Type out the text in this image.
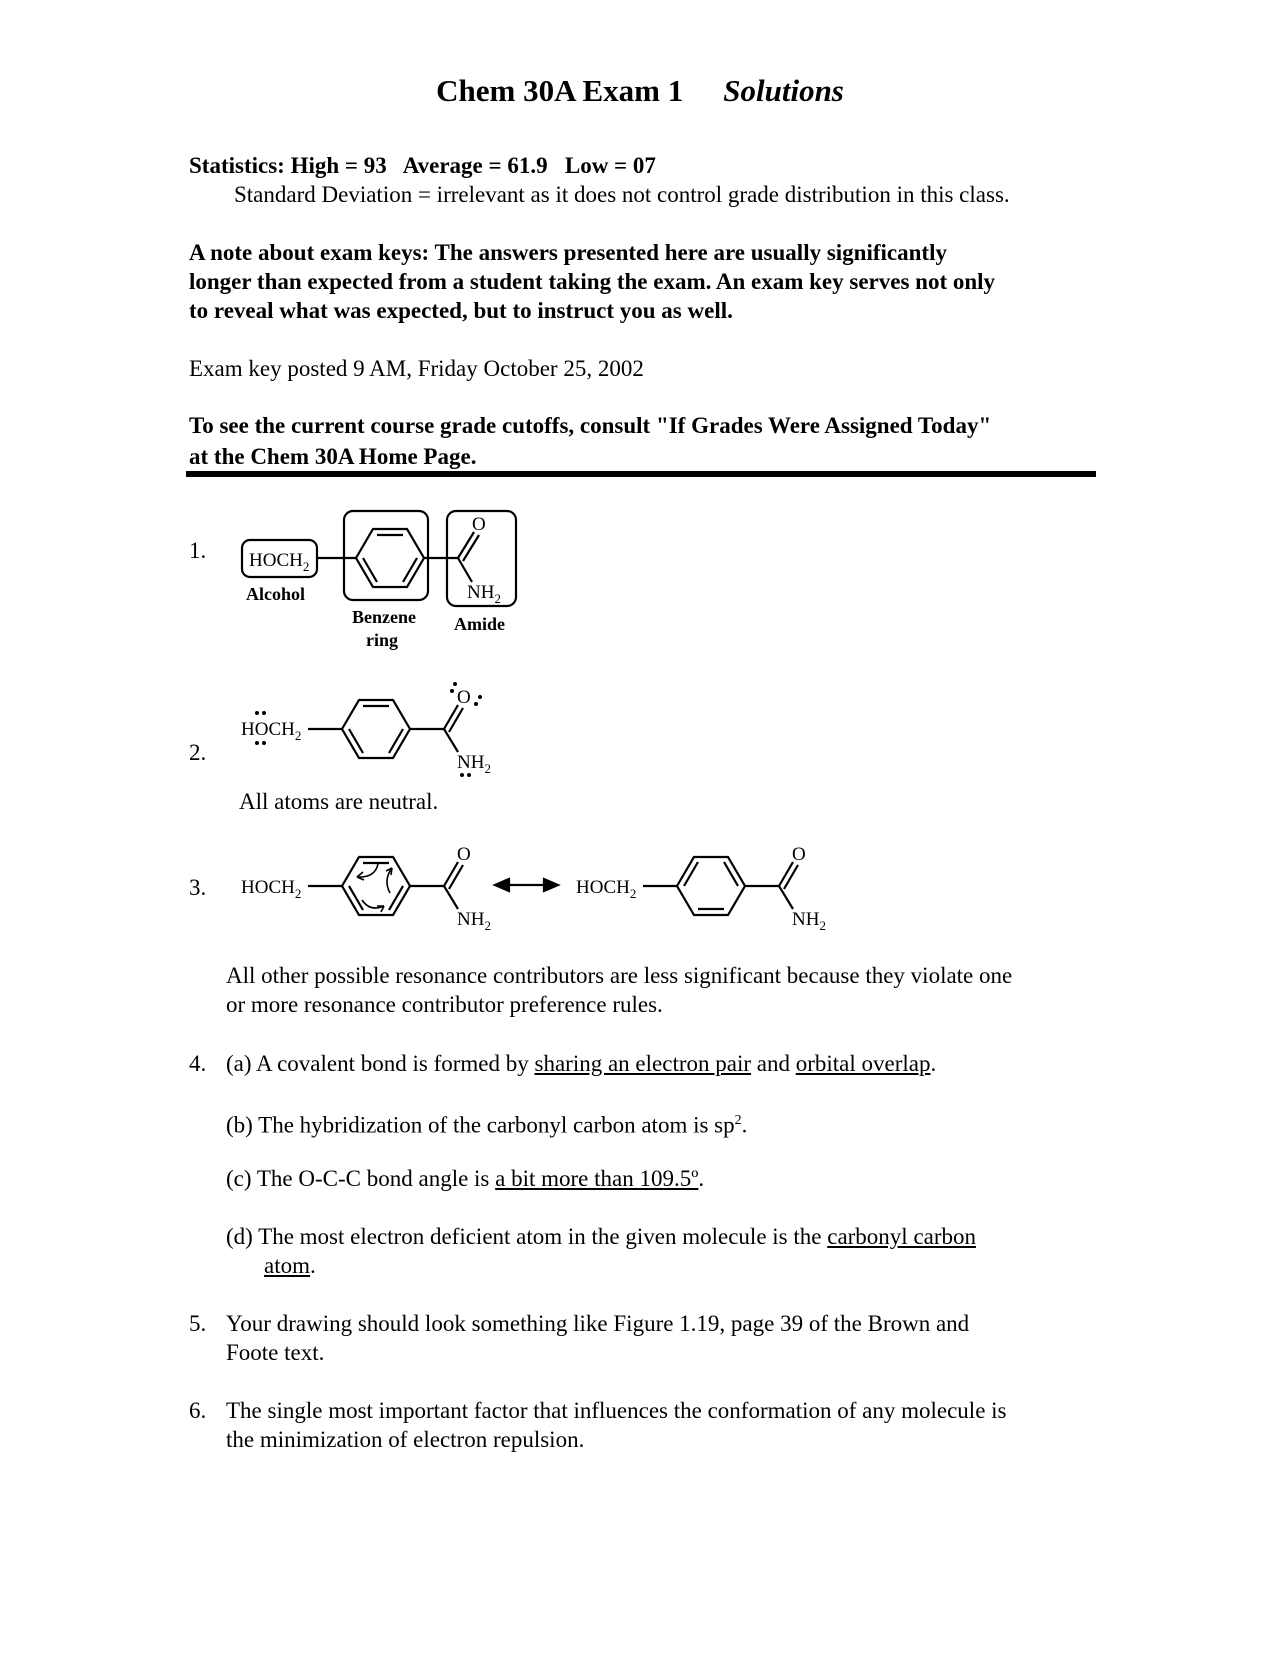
Chem 30A Exam 1 Solutions
Statistics: High = 93   Average = 61.9   Low = 07
Standard Deviation = irrelevant as it does not control grade distribution in this class.
A note about exam keys: The answers presented here are usually significantly
longer than expected from a student taking the exam. An exam key serves not only
to reveal what was expected, but to instruct you as well.
Exam key posted 9 AM, Friday October 25, 2002
To see the current course grade cutoffs, consult "If Grades Were Assigned Today"
at the Chem 30A Home Page.
1.
2.
All atoms are neutral.
3.
$HOCH_2$
O
$NH_2$
Alcohol
Benzene
ring
Amide
$HOCH_2$
O
$NH_2$
$HOCH_2$
O
$NH_2$
$HOCH_2$
O
$NH_2$
All other possible resonance contributors are less significant because they violate one
or more resonance contributor preference rules.
4. (a) A covalent bond is formed by sharing an electron pair and orbital overlap.
(b) The hybridization of the carbonyl carbon atom is $sp^2$.
(c) The O-C-C bond angle is a bit more than 109.5º.
(d) The most electron deficient atom in the given molecule is the carbonyl carbon
atom.
5. Your drawing should look something like Figure 1.19, page 39 of the Brown and
Foote text.
6. The single most important factor that influences the conformation of any molecule is
the minimization of electron repulsion.
